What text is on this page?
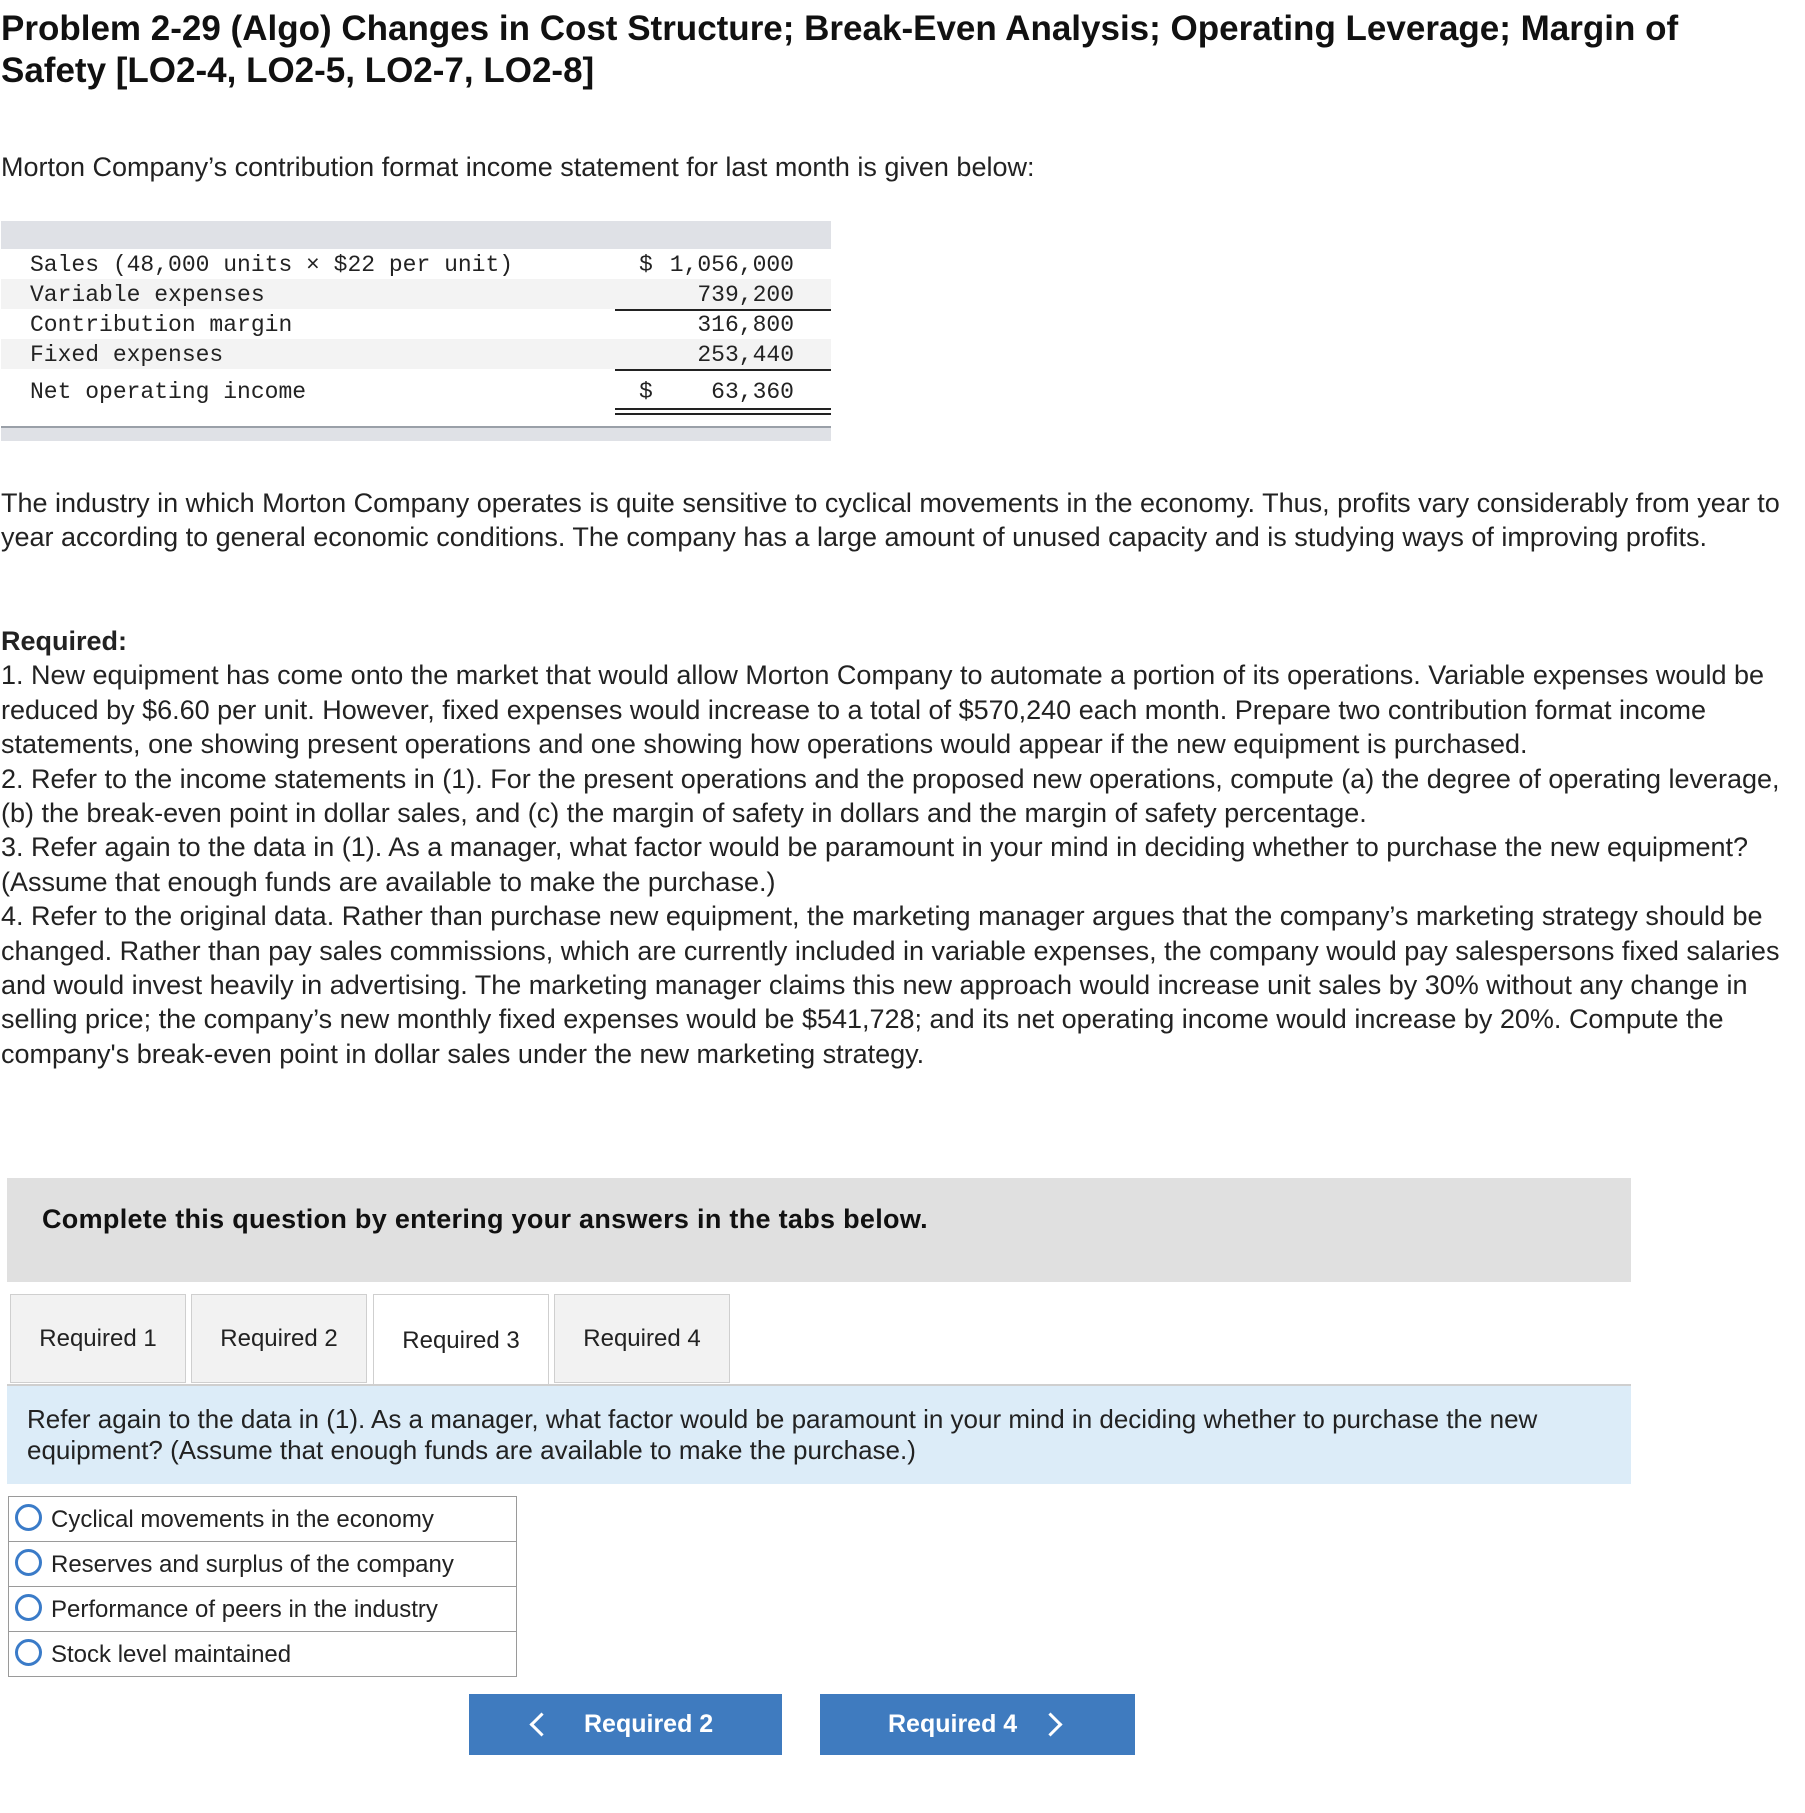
Problem 2-29 (Algo) Changes in Cost Structure; Break-Even Analysis; Operating Leverage; Margin of Safety [LO2-4, LO2-5, LO2-7, LO2-8]
Morton Company’s contribution format income statement for last month is given below:
Sales (48,000 units × $22 per unit)	$ 1,056,000
Variable expenses	739,200
Contribution margin	316,800
Fixed expenses	253,440
Net operating income	$	63,360
The industry in which Morton Company operates is quite sensitive to cyclical movements in the economy. Thus, profits vary considerably from year to year according to general economic conditions. The company has a large amount of unused capacity and is studying ways of improving profits.

Required:

1. New equipment has come onto the market that would allow Morton Company to automate a portion of its operations. Variable expenses would be reduced by $6.60 per unit. However, fixed expenses would increase to a total of $570,240 each month. Prepare two contribution format income statements, one showing present operations and one showing how operations would appear if the new equipment is purchased.

2. Refer to the income statements in (1). For the present operations and the proposed new operations, compute (a) the degree of operating leverage, (b) the break-even point in dollar sales, and (c) the margin of safety in dollars and the margin of safety percentage.

3. Refer again to the data in (1). As a manager, what factor would be paramount in your mind in deciding whether to purchase the new equipment? (Assume that enough funds are available to make the purchase.)

4. Refer to the original data. Rather than purchase new equipment, the marketing manager argues that the company’s marketing strategy should be changed. Rather than pay sales commissions, which are currently included in variable expenses, the company would pay salespersons fixed salaries and would invest heavily in advertising. The marketing manager claims this new approach would increase unit sales by 30% without any change in selling price; the company’s new monthly fixed expenses would be $541,728; and its net operating income would increase by 20%. Compute the company's break-even point in dollar sales under the new marketing strategy.

Complete this question by entering your answers in the tabs below.
Required 1	Required 2	Required 3	Required 4
Refer again to the data in (1). As a manager, what factor would be paramount in your mind in deciding whether to purchase the new equipment? (Assume that enough funds are available to make the purchase.)
Cyclical movements in the economy
Reserves and surplus of the company
Performance of peers in the industry
Stock level maintained
Required 2	Required 4
